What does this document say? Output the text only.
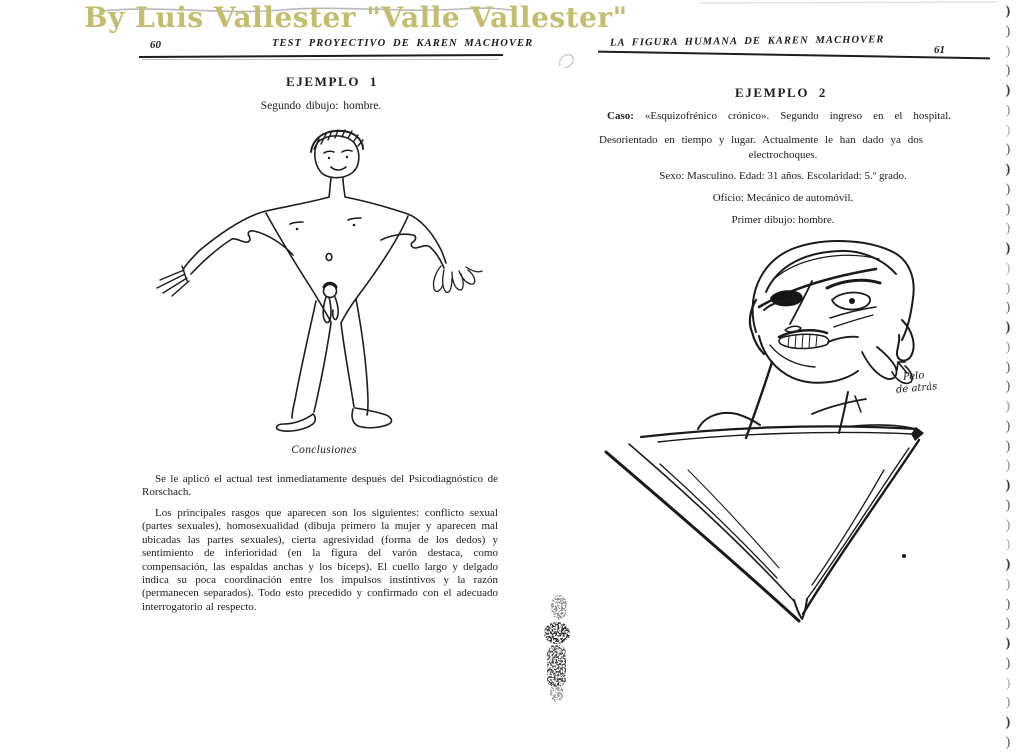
By Luis Vallester "Valle Vallester"
60	TEST PROYECTIVO DE KAREN MACHOVER
EJEMPLO 1
Segundo dibujo: hombre.
Conclusiones
Se le aplicó el actual test inmediatamente después del Psicodiagnóstico de Rorschach.
Los principales rasgos que aparecen son los siguientes: conflicto sexual (partes sexuales), homosexualidad (dibuja primero la mujer y aparecen mal ubicadas las partes sexuales), cierta agresividad (forma de los dedos) y sentimiento de inferioridad (en la figura del varón destaca, como compensación, las espaldas anchas y los bíceps). El cuello largo y delgado indica su poca coordinación entre los impulsos instintivos y la razón (permanecen separados). Todo esto precedido y confirmado con el adecuado interrogatorio al respecto.
LA FIGURA HUMANA DE KAREN MACHOVER
61
EJEMPLO 2
Caso: «Esquizofrénico crónico». Segundo ingreso en el hospital.
Desorientado en tiempo y lugar. Actualmente le han dado ya dos
electrochoques.
Sexo: Masculino. Edad: 31 años. Escolaridad: 5.º grado.
Oficio: Mecánico de automóvil.
Primer dibujo: hombre.
Pelo
de atrás
)
)
)
)
)
)
)
)
)
)
)
)
)
)
)
)
)
)
)
)
)
)
)
)
)
)
)
)
)
)
)
)
)
)
)
)
)
)
